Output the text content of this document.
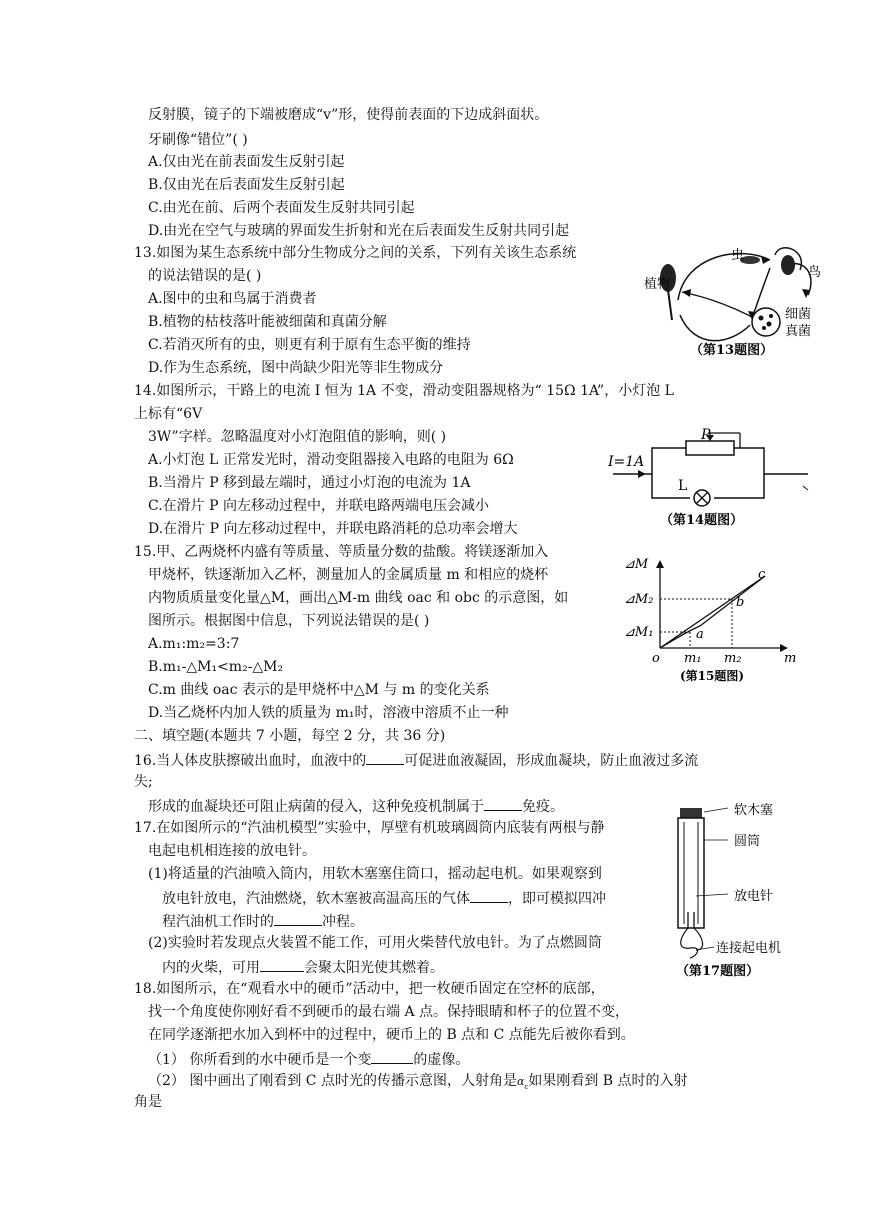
反射膜，镜子的下端被磨成“v”形，使得前表面的下边成斜面状。
牙刷像“错位”( )
A.仅由光在前表面发生反射引起
B.仅由光在后表面发生反射引起
C.由光在前、后两个表面发生反射共同引起
D.由光在空气与玻璃的界面发生折射和光在后表面发生反射共同引起
13.如图为某生态系统中部分生物成分之间的关系，下列有关该生态系统
的说法错误的是( )
A.图中的虫和鸟属于消费者
B.植物的枯枝落叶能被细菌和真菌分解
C.若消灭所有的虫，则更有利于原有生态平衡的维持
D.作为生态系统，图中尚缺少阳光等非生物成分
虫
鸟
植物
细菌
真菌
（第13题图）
14.如图所示，干路上的电流 I 恒为 1A 不变，滑动变阻器规格为“ 15Ω 1A”，小灯泡 L
上标有“6V
3W”字样。忽略温度对小灯泡阻值的影响，则( )
A.小灯泡 L 正常发光时，滑动变阻器接入电路的电阻为 6Ω
B.当滑片 P 移到最左端时，通过小灯泡的电流为 1A
C.在滑片 P 向左移动过程中，并联电路两端电压会减小
D.在滑片 P 向左移动过程中，并联电路消耗的总功率会增大
I=1A
P
L
（第14题图）
15.甲、乙两烧杯内盛有等质量、等质量分数的盐酸。将镁逐渐加入
甲烧杯，铁逐渐加入乙杯，测量加人的金属质量 m 和相应的烧杯
内物质质量变化量△M，画出△M-m 曲线 oac 和 obc 的示意图，如
图所示。根据图中信息，下列说法错误的是( )
A.m₁:m₂=3:7
B.m₁-△M₁<m₂-△M₂
C.m 曲线 oac 表示的是甲烧杯中△M 与 m 的变化关系
D.当乙烧杯内加人铁的质量为 m₁时，溶液中溶质不止一种
⊿M
⊿M₂
⊿M₁
o m₁ m₂	m
a
b
c
(第15题图)
二、填空题(本题共 7 小题，每空 2 分，共 36 分)
16.当人体皮肤擦破出血时，血液中的	可促进血液凝固，形成血凝块，防止血液过多流
失;
形成的血凝块还可阻止病菌的侵入，这种免疫机制属于	免疫。
17.在如图所示的“汽油机模型”实验中，厚壁有机玻璃圆筒内底装有两根与静
电起电机相连接的放电针。
(1)将适量的汽油喷入筒内，用软木塞塞住筒口，摇动起电机。如果观察到
放电针放电，汽油燃烧，软木塞被高温高压的气体	，即可模拟四冲
程汽油机工作时的	冲程。
(2)实验时若发现点火装置不能工作，可用火柴替代放电针。为了点燃圆筒
内的火柴，可用	会聚太阳光使其燃着。
软木塞
圆筒
放电针
连接起电机
（第17题图）
18.如图所示，在“观看水中的硬币”活动中，把一枚硬币固定在空杯的底部，
找一个角度使你刚好看不到硬币的最右端 A 点。保持眼睛和杯子的位置不变，
在同学逐渐把水加入到杯中的过程中，硬币上的 B 点和 C 点能先后被你看到。
（1） 你所看到的水中硬币是一个变	的虚像。
（2） 图中画出了刚看到 C 点时光的传播示意图，人射角是$\alpha_c$如果刚看到 B 点时的入射
角是
